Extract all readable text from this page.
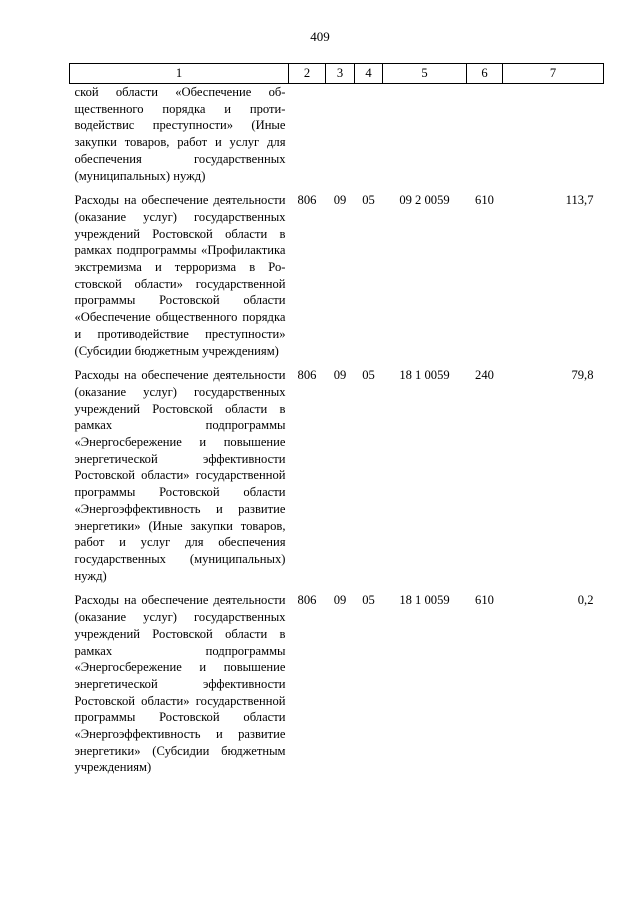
409
1	2	3	4	5	6	7
ской области «Обеспечение общественного порядка и противодействис преступности» (Иные закупки товаров, работ и услуг для обеспечения государственных (муниципальных) нужд)						
Расходы на обеспечение деятельности (оказание услуг) государственных учреждений Ростовской области в рамках подпрограммы «Профилактика экстремизма и терроризма в Ростовской области» государственной программы Ростовской области «Обеспечение общественного порядка и противодействие преступности» (Субсидии бюджетным учреждениям)	806	09	05	09 2 0059	610	113,7
Расходы на обеспечение деятельности (оказание услуг) государственных учреждений Ростовской области в рамках подпрограммы «Энергосбережение и повышение энергетической эффективности Ростовской области» государственной программы Ростовской области «Энергоэффективность и развитие энергетики» (Иные закупки товаров, работ и услуг для обеспечения государственных (муниципальных) нужд)	806	09	05	18 1 0059	240	79,8
Расходы на обеспечение деятельности (оказание услуг) государственных учреждений Ростовской области в рамках подпрограммы «Энергосбережение и повышение энергетической эффективности Ростовской области» государственной программы Ростовской области «Энергоэффективность и развитие энергетики» (Субсидии бюджетным учреждениям)	806	09	05	18 1 0059	610	0,2
